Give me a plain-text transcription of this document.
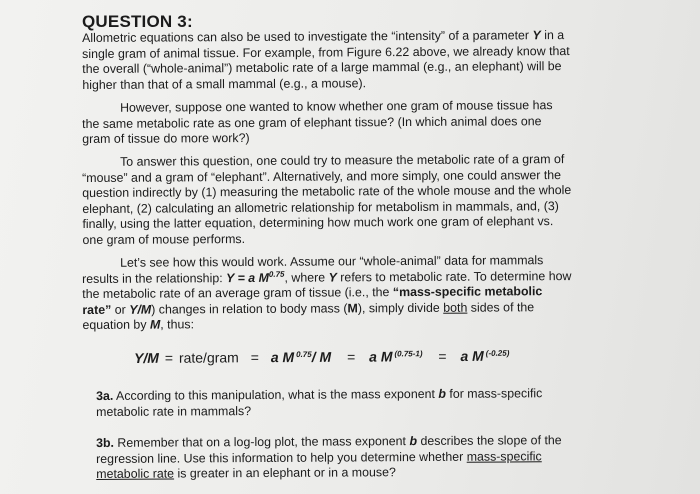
QUESTION 3:

Allometric equations can also be used to investigate the “intensity” of a parameter Y in a single gram of animal tissue. For example, from Figure 6.22 above, we already know that the overall (“whole-animal”) metabolic rate of a large mammal (e.g., an elephant) will be higher than that of a small mammal (e.g., a mouse).

However, suppose one wanted to know whether one gram of mouse tissue has the same metabolic rate as one gram of elephant tissue? (In which animal does one gram of tissue do more work?)

To answer this question, one could try to measure the metabolic rate of a gram of “mouse” and a gram of “elephant”. Alternatively, and more simply, one could answer the question indirectly by (1) measuring the metabolic rate of the whole mouse and the whole elephant, (2) calculating an allometric relationship for metabolism in mammals, and, (3) finally, using the latter equation, determining how much work one gram of elephant vs. one gram of mouse performs.

Let’s see how this would work. Assume our “whole-animal” data for mammals results in the relationship: Y = a $M^{0.75}$, where Y refers to metabolic rate. To determine how the metabolic rate of an average gram of tissue (i.e., the “mass-specific metabolic rate” or Y/M) changes in relation to body mass (M), simply divide both sides of the equation by M, thus:

Y/M = rate/gram = a M $^{0.75}$/ M = a M $^{(0.75-1)}$ = a M $^{(-0.25)}$

3a. According to this manipulation, what is the mass exponent b for mass-specific metabolic rate in mammals?

3b. Remember that on a log-log plot, the mass exponent b describes the slope of the regression line. Use this information to help you determine whether mass-specific metabolic rate is greater in an elephant or in a mouse?
